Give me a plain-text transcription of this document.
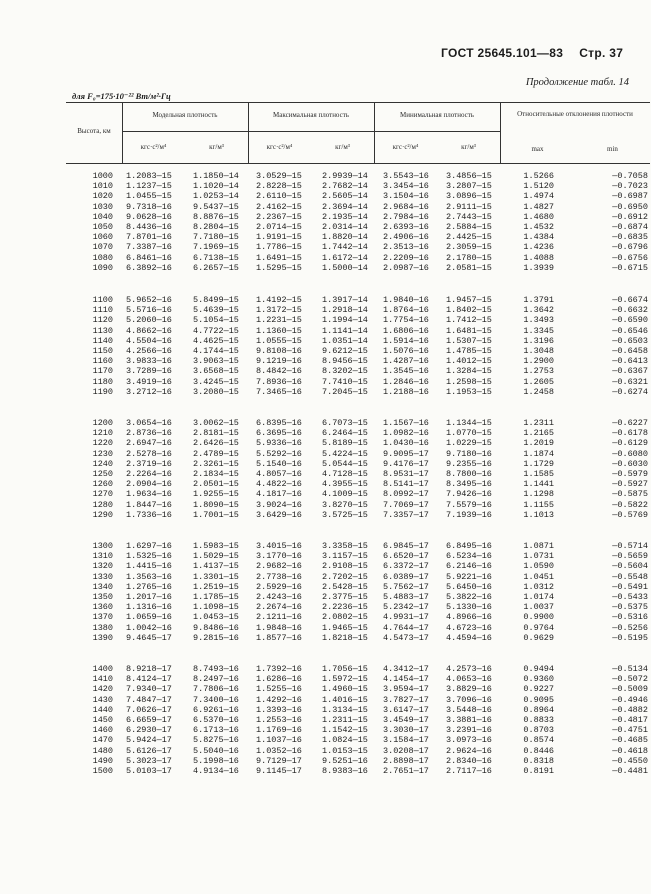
ГОСТ 25645.101—83 Стр. 37
Продолжение табл. 14
для F₀=175·10⁻²² Вт/м²·Гц
Высота, км
Модельная плотность	Максимальная плотность	Минимальная плотность	Относительные отклонения плотности
кгс·с²/м⁴	кг/м³	кгс·с²/м⁴	кг/м³	кгс·с²/м⁴	кг/м³	max	min
1000 1.2083—15	1.1850—14	3.0529—15	2.9939—14	3.5543—16	3.4856—15	1.5266	—0.7058
1010 1.1237—15	1.1020—14	2.8228—15	2.7682—14	3.3454—16	3.2807—15	1.5120	—0.7023
1020 1.0455—15	1.0253—14	2.6110—15	2.5605—14	3.1504—16	3.0896—15	1.4974	—0.6987
1030 9.7318—16	9.5437—15	2.4162—15	2.3694—14	2.9684—16	2.9111—15	1.4827	—0.6950
1040 9.0628—16	8.8876—15	2.2367—15	2.1935—14	2.7984—16	2.7443—15	1.4680	—0.6912
1050 8.4436—16	8.2804—15	2.0714—15	2.0314—14	2.6393—16	2.5884—15	1.4532	—0.6874
1060 7.8701—16	7.7180—15	1.9191—15	1.8820—14	2.4906—16	2.4425—15	1.4384	—0.6835
1070 7.3387—16	7.1969—15	1.7786—15	1.7442—14	2.3513—16	2.3059—15	1.4236	—0.6796
1080 6.8461—16	6.7138—15	1.6491—15	1.6172—14	2.2209—16	2.1780—15	1.4088	—0.6756
1090 6.3892—16	6.2657—15	1.5295—15	1.5000—14	2.0987—16	2.0581—15	1.3939	—0.6715
1100 5.9652—16	5.8499—15	1.4192—15	1.3917—14	1.9840—16	1.9457—15	1.3791	—0.6674
1110 5.5716—16	5.4639—15	1.3172—15	1.2918—14	1.8764—16	1.8402—15	1.3642	—0.6632
1120 5.2060—16	5.1054—15	1.2231—15	1.1994—14	1.7754—16	1.7412—15	1.3493	—0.6590
1130 4.8662—16	4.7722—15	1.1360—15	1.1141—14	1.6806—16	1.6481—15	1.3345	—0.6546
1140 4.5504—16	4.4625—15	1.0555—15	1.0351—14	1.5914—16	1.5307—15	1.3196	—0.6503
1150 4.2566—16	4.1744—15	9.8108—16	9.6212—15	1.5076—16	1.4785—15	1.3048	—0.6458
1160 3.9833—16	3.9063—15	9.1219—16	8.9456—15	1.4287—16	1.4012—15	1.2900	—0.6413
1170 3.7289—16	3.6568—15	8.4842—16	8.3202—15	1.3545—16	1.3284—15	1.2753	—0.6367
1180 3.4919—16	3.4245—15	7.8936—16	7.7410—15	1.2846—16	1.2598—15	1.2605	—0.6321
1190 3.2712—16	3.2080—15	7.3465—16	7.2045—15	1.2188—16	1.1953—15	1.2458	—0.6274
1200 3.0654—16	3.0062—15	6.8395—16	6.7073—15	1.1567—16	1.1344—15	1.2311	—0.6227
1210 2.8736—16	2.8181—15	6.3695—16	6.2464—15	1.0982—16	1.0770—15	1.2165	—0.6178
1220 2.6947—16	2.6426—15	5.9336—16	5.8189—15	1.0430—16	1.0229—15	1.2019	—0.6129
1230 2.5278—16	2.4789—15	5.5292—16	5.4224—15	9.9095—17	9.7180—16	1.1874	—0.6080
1240 2.3719—16	2.3261—15	5.1540—16	5.0544—15	9.4176—17	9.2355—16	1.1729	—0.6030
1250 2.2264—16	2.1834—15	4.8057—16	4.7128—15	8.9531—17	8.7800—16	1.1585	—0.5979
1260 2.0904—16	2.0501—15	4.4822—16	4.3955—15	8.5141—17	8.3495—16	1.1441	—0.5927
1270 1.9634—16	1.9255—15	4.1817—16	4.1009—15	8.0992—17	7.9426—16	1.1298	—0.5875
1280 1.8447—16	1.8090—15	3.9024—16	3.8270—15	7.7069—17	7.5579—16	1.1155	—0.5822
1290 1.7336—16	1.7001—15	3.6429—16	3.5725—15	7.3357—17	7.1939—16	1.1013	—0.5769
1300 1.6297—16	1.5983—15	3.4015—16	3.3358—15	6.9845—17	6.8495—16	1.0871	—0.5714
1310 1.5325—16	1.5029—15	3.1770—16	3.1157—15	6.6520—17	6.5234—16	1.0731	—0.5659
1320 1.4415—16	1.4137—15	2.9682—16	2.9108—15	6.3372—17	6.2146—16	1.0590	—0.5604
1330 1.3563—16	1.3301—15	2.7738—16	2.7202—15	6.0389—17	5.9221—16	1.0451	—0.5548
1340 1.2765—16	1.2519—15	2.5929—16	2.5428—15	5.7562—17	5.6450—16	1.0312	—0.5491
1350 1.2017—16	1.1785—15	2.4243—16	2.3775—15	5.4883—17	5.3822—16	1.0174	—0.5433
1360 1.1316—16	1.1098—15	2.2674—16	2.2236—15	5.2342—17	5.1330—16	1.0037	—0.5375
1370 1.0659—16	1.0453—15	2.1211—16	2.0802—15	4.9931—17	4.8966—16	0.9900	—0.5316
1380 1.0042—16	9.8486—16	1.9848—16	1.9465—15	4.7644—17	4.6723—16	0.9764	—0.5256
1390 9.4645—17	9.2815—16	1.8577—16	1.8218—15	4.5473—17	4.4594—16	0.9629	—0.5195
1400 8.9218—17	8.7493—16	1.7392—16	1.7056—15	4.3412—17	4.2573—16	0.9494	—0.5134
1410 8.4124—17	8.2497—16	1.6286—16	1.5972—15	4.1454—17	4.0653—16	0.9360	—0.5072
1420 7.9340—17	7.7806—16	1.5255—16	1.4960—15	3.9594—17	3.8829—16	0.9227	—0.5009
1430 7.4847—17	7.3400—16	1.4292—16	1.4016—15	3.7827—17	3.7096—16	0.9095	—0.4946
1440 7.0626—17	6.9261—16	1.3393—16	1.3134—15	3.6147—17	3.5448—16	0.8964	—0.4882
1450 6.6659—17	6.5370—16	1.2553—16	1.2311—15	3.4549—17	3.3881—16	0.8833	—0.4817
1460 6.2930—17	6.1713—16	1.1769—16	1.1542—15	3.3030—17	3.2391—16	0.8703	—0.4751
1470 5.9424—17	5.8275—16	1.1037—16	1.0824—15	3.1584—17	3.0973—16	0.8574	—0.4685
1480 5.6126—17	5.5040—16	1.0352—16	1.0153—15	3.0208—17	2.9624—16	0.8446	—0.4618
1490 5.3023—17	5.1998—16	9.7129—17	9.5251—16	2.8898—17	2.8340—16	0.8318	—0.4550
1500 5.0103—17	4.9134—16	9.1145—17	8.9383—16	2.7651—17	2.7117—16	0.8191	—0.4481
